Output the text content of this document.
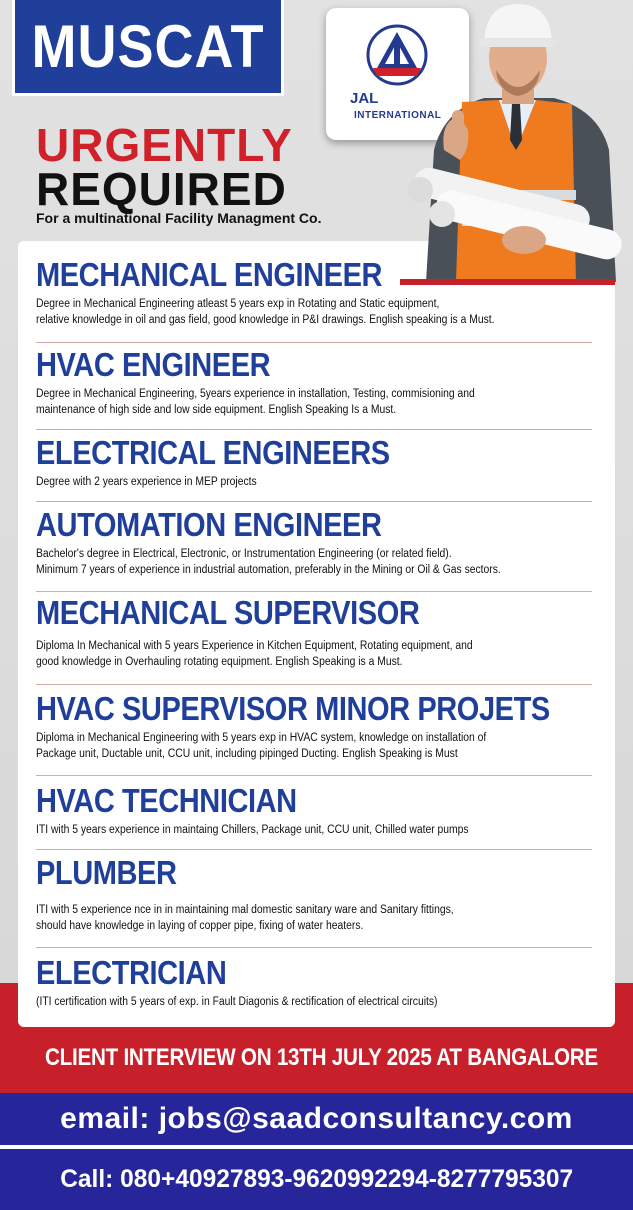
MUSCAT
JAL
INTERNATIONAL
URGENTLY
REQUIRED
For a multinational Facility Managment Co.
MECHANICAL ENGINEER
Degree in Mechanical Engineering atleast 5 years exp in Rotating and Static equipment,
relative knowledge in oil and gas field, good knowledge in P&I drawings. English speaking is a Must.
HVAC ENGINEER
Degree in Mechanical Engineering, 5years experience in installation, Testing, commisioning and
maintenance of high side and low side equipment. English Speaking Is a Must.
ELECTRICAL ENGINEERS
Degree with 2 years experience in MEP projects
AUTOMATION ENGINEER
Bachelor's degree in Electrical, Electronic, or Instrumentation Engineering (or related field).
Minimum 7 years of experience in industrial automation, preferably in the Mining or Oil & Gas sectors.
MECHANICAL SUPERVISOR
Diploma In Mechanical with 5 years Experience in Kitchen Equipment, Rotating equipment, and
good knowledge in Overhauling rotating equipment. English Speaking is a Must.
HVAC SUPERVISOR MINOR PROJETS
Diploma in Mechanical Engineering with 5 years exp in HVAC system, knowledge on installation of
Package unit, Ductable unit, CCU unit, including pipinged Ducting. English Speaking is Must
HVAC TECHNICIAN
ITI with 5 years experience in maintaing Chillers, Package unit, CCU unit, Chilled water pumps
PLUMBER
ITI with 5 experience nce in in maintaining mal domestic sanitary ware and Sanitary fittings,
should have knowledge in laying of copper pipe, fixing of water heaters.
ELECTRICIAN
(ITI certification with 5 years of exp. in Fault Diagonis & rectification of electrical circuits)
CLIENT INTERVIEW ON 13TH JULY 2025 AT BANGALORE
email: jobs@saadconsultancy.com
Call: 080+40927893-9620992294-8277795307
